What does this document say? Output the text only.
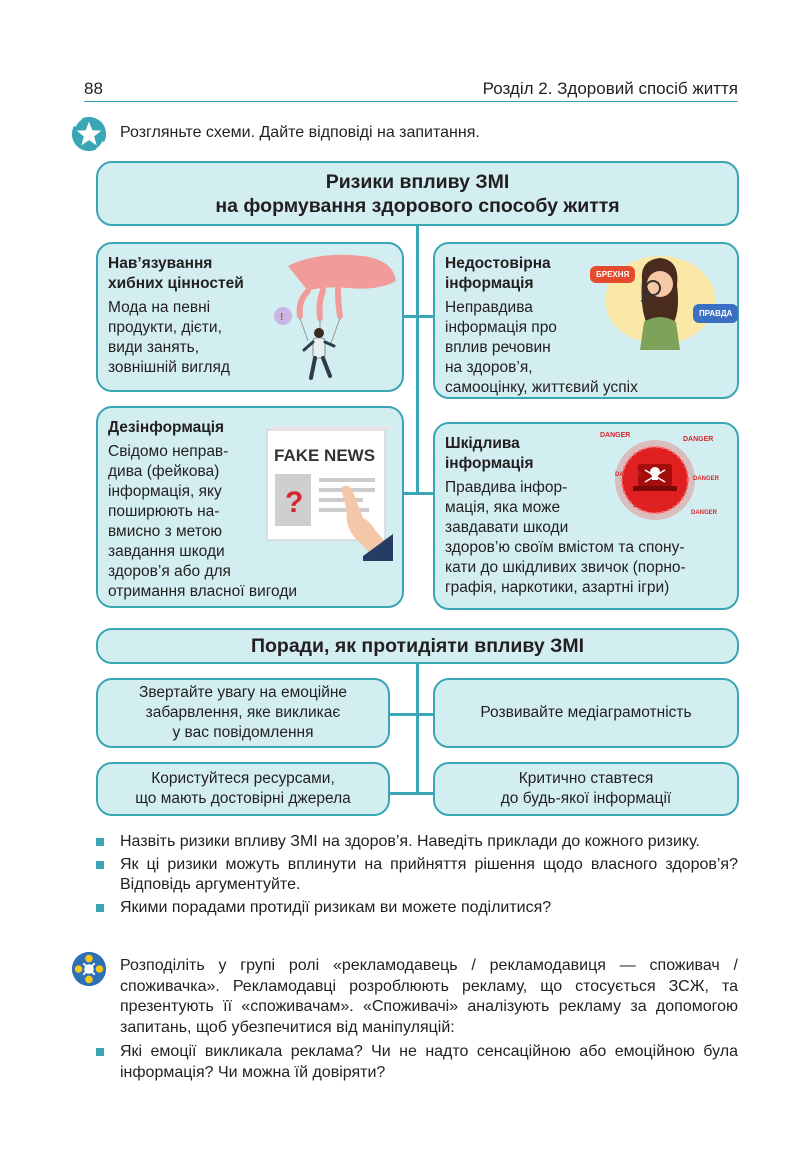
88	Розділ 2. Здоровий спосіб життя
Розгляньте схеми. Дайте відповіді на запитання.
Ризики впливу ЗМІ
на формування здорового способу життя
Нав’язування
хибних цінностей

Мода на певні
продукти, дієти,
види занять,
зовнішній вигляд

!
Недостовірна
інформація

Неправдива
інформація про
вплив речовин
на здоров’я,
самооцінку, життєвий успіх

БРЕХНЯ
ПРАВДА
Дезінформація

Свідомо неправ-
дива (фейкова)
інформація, яку
поширюють на-
вмисно з метою
завдання шкоди
здоров’я або для
отримання власної вигоди

?
FAKE NEWS
Шкідлива
інформація

Правдива інфор-
мація, яка може
завдавати шкоди
здоров’ю своїм вмістом та спону-
кати до шкідливих звичок (порно-
графія, наркотики, азартні ігри)

DANGER
DANGER
DANGER
DANGER
DANGER
DANGER
Поради, як протидіяти впливу ЗМІ
Звертайте увагу на емоційне
забарвлення, яке викликає
у вас повідомлення
Розвивайте медіаграмотність
Користуйтеся ресурсами,
що мають достовірні джерела
Критично ставтеся
до будь-якої інформації
Назвіть ризики впливу ЗМІ на здоров’я. Наведіть приклади до кожного ризику.
Як ці ризики можуть вплинути на прийняття рішення щодо власного здоров’я? Відповідь аргументуйте.
Якими порадами протидії ризикам ви можете поділитися?
Розподіліть у групі ролі «рекламодавець / рекламодавиця — споживач / споживачка». Рекламодавці розроблюють рекламу, що стосується ЗСЖ, та презентують її «споживачам». «Споживачі» аналізують рекламу за допомогою запитань, щоб убезпечитися від маніпуляцій:
Які емоції викликала реклама? Чи не надто сенсаційною або емоційною була інформація? Чи можна їй довіряти?
